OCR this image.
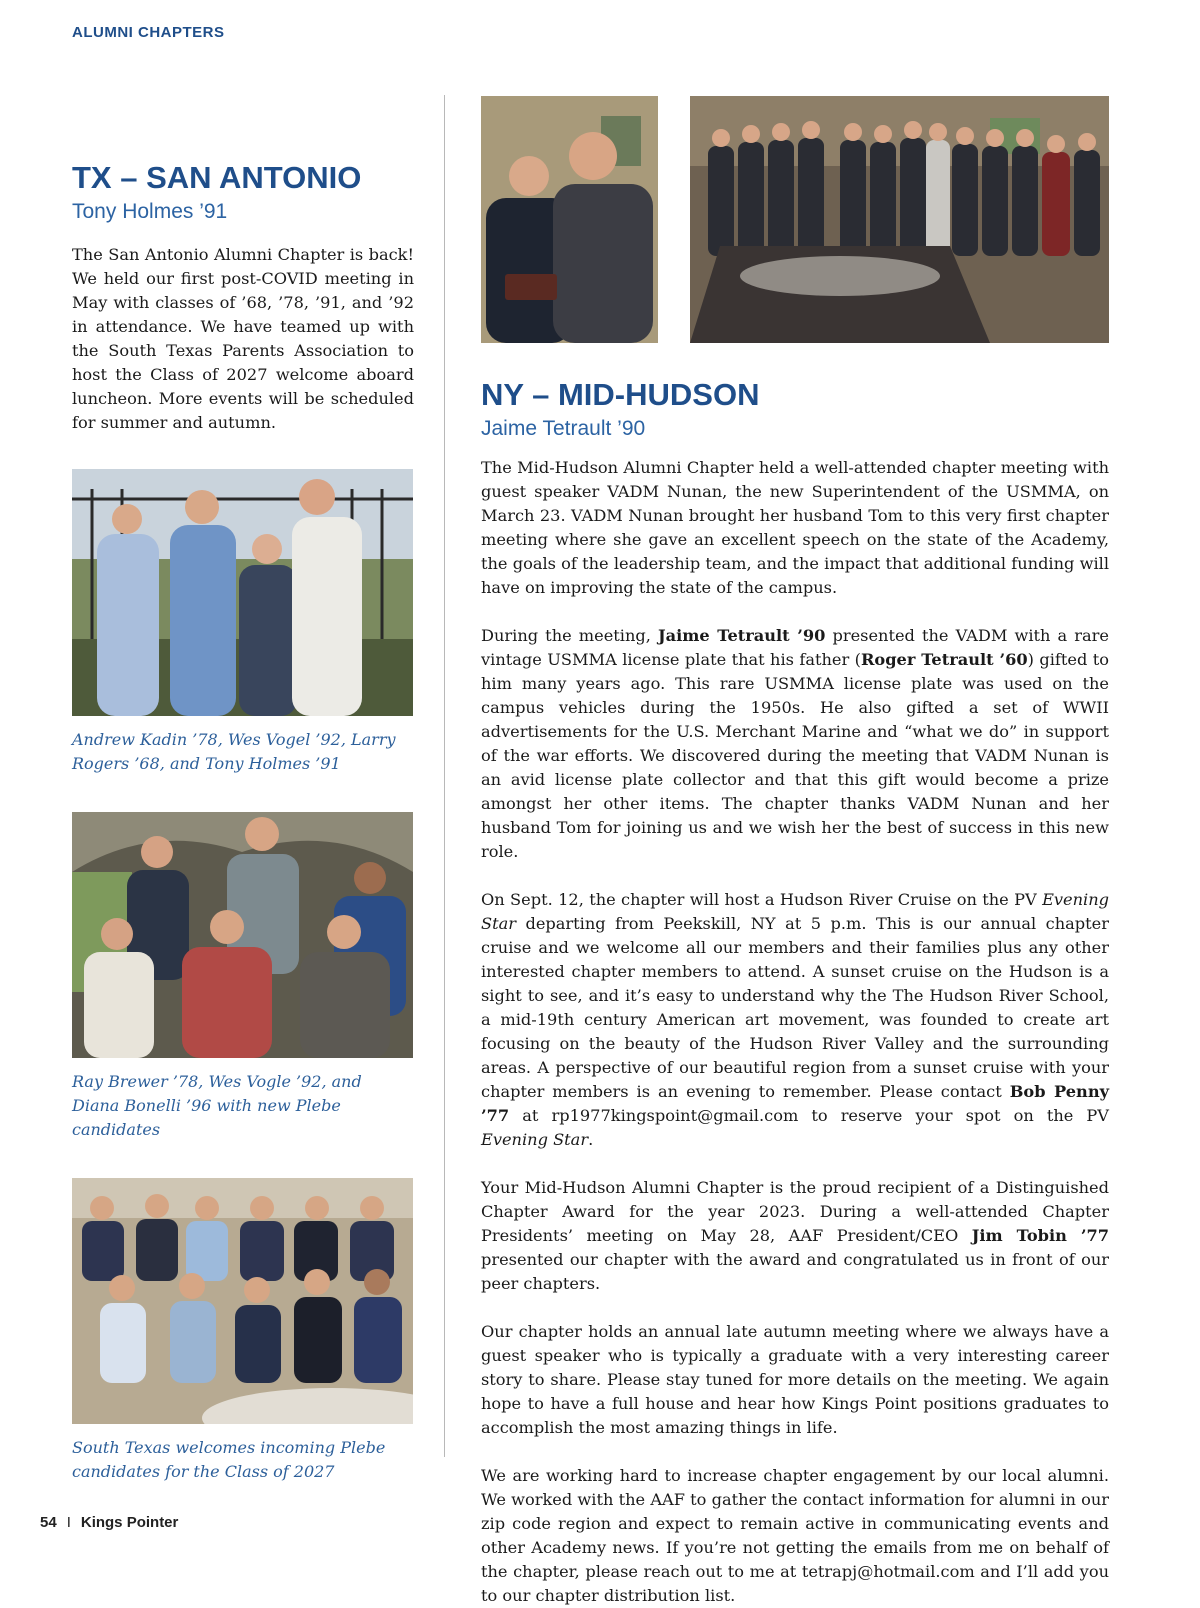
ALUMNI CHAPTERS
TX – SAN ANTONIO
Tony Holmes ’91

The San Antonio Alumni Chapter is back! We held our first post-COVID meeting in May with classes of ’68, ’78, ’91, and ’92 in attendance. We have teamed up with the South Texas Parents Association to host the Class of 2027 welcome aboard luncheon. More events will be scheduled for summer and autumn.

Andrew Kadin ’78, Wes Vogel ’92, Larry Rogers ’68, and Tony Holmes ’91
Ray Brewer ’78, Wes Vogle ’92, and Diana Bonelli ’96 with new Plebe candidates
South Texas welcomes incoming Plebe candidates for the Class of 2027
NY – MID-HUDSON
Jaime Tetrault ’90

The Mid-Hudson Alumni Chapter held a well-attended chapter meeting with guest speaker VADM Nunan, the new Superintendent of the USMMA, on March 23. VADM Nunan brought her husband Tom to this very first chapter meeting where she gave an excellent speech on the state of the Academy, the goals of the leadership team, and the impact that additional funding will have on improving the state of the campus.

During the meeting, Jaime Tetrault ’90 presented the VADM with a rare vintage USMMA license plate that his father (Roger Tetrault ’60) gifted to him many years ago. This rare USMMA license plate was used on the campus vehicles during the 1950s. He also gifted a set of WWII advertisements for the U.S. Merchant Marine and “what we do” in support of the war efforts. We discovered during the meeting that VADM Nunan is an avid license plate collector and that this gift would become a prize amongst her other items. The chapter thanks VADM Nunan and her husband Tom for joining us and we wish her the best of success in this new role.

On Sept. 12, the chapter will host a Hudson River Cruise on the PV Evening Star departing from Peekskill, NY at 5 p.m. This is our annual chapter cruise and we welcome all our members and their families plus any other interested chapter members to attend. A sunset cruise on the Hudson is a sight to see, and it’s easy to understand why the The Hudson River School, a mid-19th century American art movement, was founded to create art focusing on the beauty of the Hudson River Valley and the surrounding areas. A perspective of our beautiful region from a sunset cruise with your chapter members is an evening to remember. Please contact Bob Penny ’77 at rp1977kingspoint@gmail.com to reserve your spot on the PV Evening Star.

Your Mid-Hudson Alumni Chapter is the proud recipient of a Distinguished Chapter Award for the year 2023. During a well-attended Chapter Presidents’ meeting on May 28, AAF President/CEO Jim Tobin ’77 presented our chapter with the award and congratulated us in front of our peer chapters.

Our chapter holds an annual late autumn meeting where we always have a guest speaker who is typically a graduate with a very interesting career story to share. Please stay tuned for more details on the meeting. We again hope to have a full house and hear how Kings Point positions graduates to accomplish the most amazing things in life.

We are working hard to increase chapter engagement by our local alumni. We worked with the AAF to gather the contact information for alumni in our zip code region and expect to remain active in communicating events and other Academy news. If you’re not getting the emails from me on behalf of the chapter, please reach out to me at tetrapj@hotmail.com and I’ll add you to our chapter distribution list.

54 I Kings Pointer
